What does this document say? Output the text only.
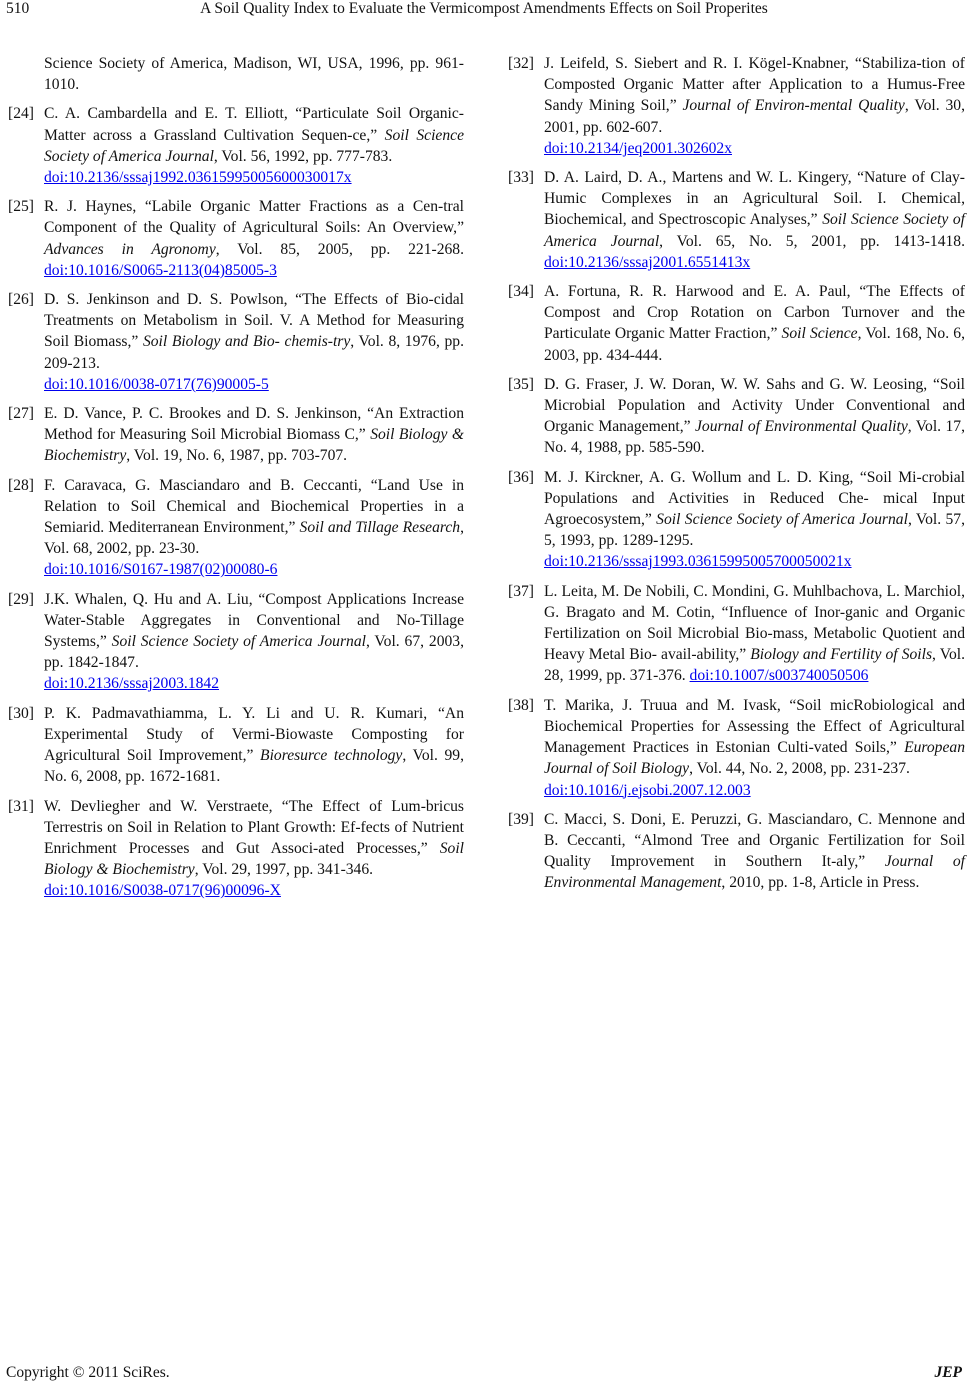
510	A Soil Quality Index to Evaluate the Vermicompost Amendments Effects on Soil Properites
Science Society of America, Madison, WI, USA, 1996, pp. 961-1010.
[24] C. A. Cambardella and E. T. Elliott, “Particulate Soil Organic-Matter across a Grassland Cultivation Sequen-ce,” Soil Science Society of America Journal, Vol. 56, 1992, pp. 777-783.
doi:10.2136/sssaj1992.03615995005600030017x
[25] R. J. Haynes, “Labile Organic Matter Fractions as a Cen-tral Component of the Quality of Agricultural Soils: An Overview,” Advances in Agronomy, Vol. 85, 2005, pp. 221-268. doi:10.1016/S0065-2113(04)85005-3
[26] D. S. Jenkinson and D. S. Powlson, “The Effects of Bio-cidal Treatments on Metabolism in Soil. V. A Method for Measuring Soil Biomass,” Soil Biology and Bio- chemis-try, Vol. 8, 1976, pp. 209-213.
doi:10.1016/0038-0717(76)90005-5
[27] E. D. Vance, P. C. Brookes and D. S. Jenkinson, “An Extraction Method for Measuring Soil Microbial Biomass C,” Soil Biology & Biochemistry, Vol. 19, No. 6, 1987, pp. 703-707.
[28] F. Caravaca, G. Masciandaro and B. Ceccanti, “Land Use in Relation to Soil Chemical and Biochemical Properties in a Semiarid. Mediterranean Environment,” Soil and Tillage Research, Vol. 68, 2002, pp. 23-30.
doi:10.1016/S0167-1987(02)00080-6
[29] J.K. Whalen, Q. Hu and A. Liu, “Compost Applications Increase Water-Stable Aggregates in Conventional and No-Tillage Systems,” Soil Science Society of America Journal, Vol. 67, 2003, pp. 1842-1847.
doi:10.2136/sssaj2003.1842
[30] P. K. Padmavathiamma, L. Y. Li and U. R. Kumari, “An Experimental Study of Vermi-Biowaste Composting for Agricultural Soil Improvement,” Bioresurce technology, Vol. 99, No. 6, 2008, pp. 1672-1681.
[31] W. Devliegher and W. Verstraete, “The Effect of Lum-bricus Terrestris on Soil in Relation to Plant Growth: Ef-fects of Nutrient Enrichment Processes and Gut Associ-ated Processes,” Soil Biology & Biochemistry, Vol. 29, 1997, pp. 341-346.
doi:10.1016/S0038-0717(96)00096-X
[32] J. Leifeld, S. Siebert and R. I. Kögel-Knabner, “Stabiliza-tion of Composted Organic Matter after Application to a Humus-Free Sandy Mining Soil,” Journal of Environ-mental Quality, Vol. 30, 2001, pp. 602-607.
doi:10.2134/jeq2001.302602x
[33] D. A. Laird, D. A., Martens and W. L. Kingery, “Nature of Clay-Humic Complexes in an Agricultural Soil. I. Chemical, Biochemical, and Spectroscopic Analyses,” Soil Science Society of America Journal, Vol. 65, No. 5, 2001, pp. 1413-1418. doi:10.2136/sssaj2001.6551413x
[34] A. Fortuna, R. R. Harwood and E. A. Paul, “The Effects of Compost and Crop Rotation on Carbon Turnover and the Particulate Organic Matter Fraction,” Soil Science, Vol. 168, No. 6, 2003, pp. 434-444.
[35] D. G. Fraser, J. W. Doran, W. W. Sahs and G. W. Leosing, “Soil Microbial Population and Activity Under Conventional and Organic Management,” Journal of Environmental Quality, Vol. 17, No. 4, 1988, pp. 585-590.
[36] M. J. Kirckner, A. G. Wollum and L. D. King, “Soil Mi-crobial Populations and Activities in Reduced Che- mical Input Agroecosystem,” Soil Science Society of America Journal, Vol. 57, 5, 1993, pp. 1289-1295.
doi:10.2136/sssaj1993.03615995005700050021x
[37] L. Leita, M. De Nobili, C. Mondini, G. Muhlbachova, L. Marchiol, G. Bragato and M. Cotin, “Influence of Inor-ganic and Organic Fertilization on Soil Microbial Bio-mass, Metabolic Quotient and Heavy Metal Bio- avail-ability,” Biology and Fertility of Soils, Vol. 28, 1999, pp. 371-376. doi:10.1007/s003740050506
[38] T. Marika, J. Truua and M. Ivask, “Soil micRobiological and Biochemical Properties for Assessing the Effect of Agricultural Management Practices in Estonian Culti-vated Soils,” European Journal of Soil Biology, Vol. 44, No. 2, 2008, pp. 231-237.
doi:10.1016/j.ejsobi.2007.12.003
[39] C. Macci, S. Doni, E. Peruzzi, G. Masciandaro, C. Mennone and B. Ceccanti, “Almond Tree and Organic Fertilization for Soil Quality Improvement in Southern It-aly,” Journal of Environmental Management, 2010, pp. 1-8, Article in Press.
Copyright © 2011 SciRes.	JEP
